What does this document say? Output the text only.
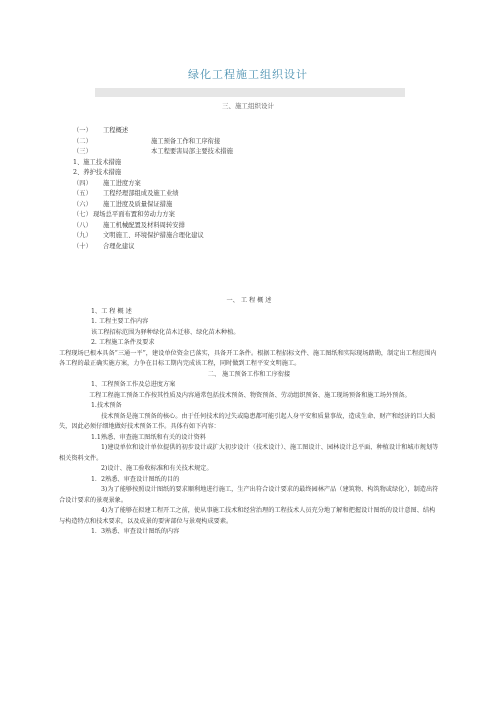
绿化工程施工组织设计
三、施工组织设计
（一） 工程概述
（二）	施工预备工作和工序衔接
（三）	本工程要害局部主要技术措施
1、施工技术措施
2、养护技术措施
（四） 施工进度方案
（五） 工程经理部组成及施工业绩
（六） 施工进度及质量保证措施
（七） 现场总平面布置和劳动力方案
（八） 施工机械配置及材料周转安排
（九） 文明施工、环境保护措施合理化建议
（十） 合理化建议
一、 工 程 概 述
1、工 程 概 述
1. 工程主要工作内容
该工程招标范围为驿种绿化苗木迁移、绿化苗木种植。
2. 工程施工条件及要求
工程现场已根本具备“三通一平”，建设单位资金已落实，具备开工条件。根据工程招标文件、施工图纸和实际现场踏勘，制定出工程范围内各工程的最正确实施方案，力争在目标工期内完成该工程，同时做到工程平安文明施工。
二、 施工预备工作和工序衔接
1、工程预备工作及总进度方案
工程工程施工预备工作按其性质及内容通常包括技术预备、物资预备、劳动组织预备、施工现场预备和施工场外预备。
1.技术预备
技术预备是施工预备的核心。由于任何技术的过失或隐患都可能引起人身平安和质量事故，造成生命、财产和经济的巨大损失，因此必须仔细地做好技术预备工作。具体有如下内容：
1.1熟悉、审查施工图纸和有关的设计资料
1)建设单位和设计单位提供的初步设计或扩大初步设计（技术设计）、施工图设计、园林设计总平面、种植设计和城市规划等相关资料文件。
2)设计、施工验收标准和有关技术规定。
1．2熟悉、审查设计图纸的目的
3)为了能够按照设计图纸的要求顺利地进行施工，生产出符合设计要求的最终园林产品（建筑物、构筑物或绿化），制造出符合设计要求的景观景象。
4)为了能够在拟建工程开工之前，使从事施工技术和经营治理的工程技术人员充分地了解和把握设计图纸的设计意图、结构与构造特点和技术要求，以及成景的要害部位与景观构成要素。
1．3熟悉、审查设计图纸的内容
